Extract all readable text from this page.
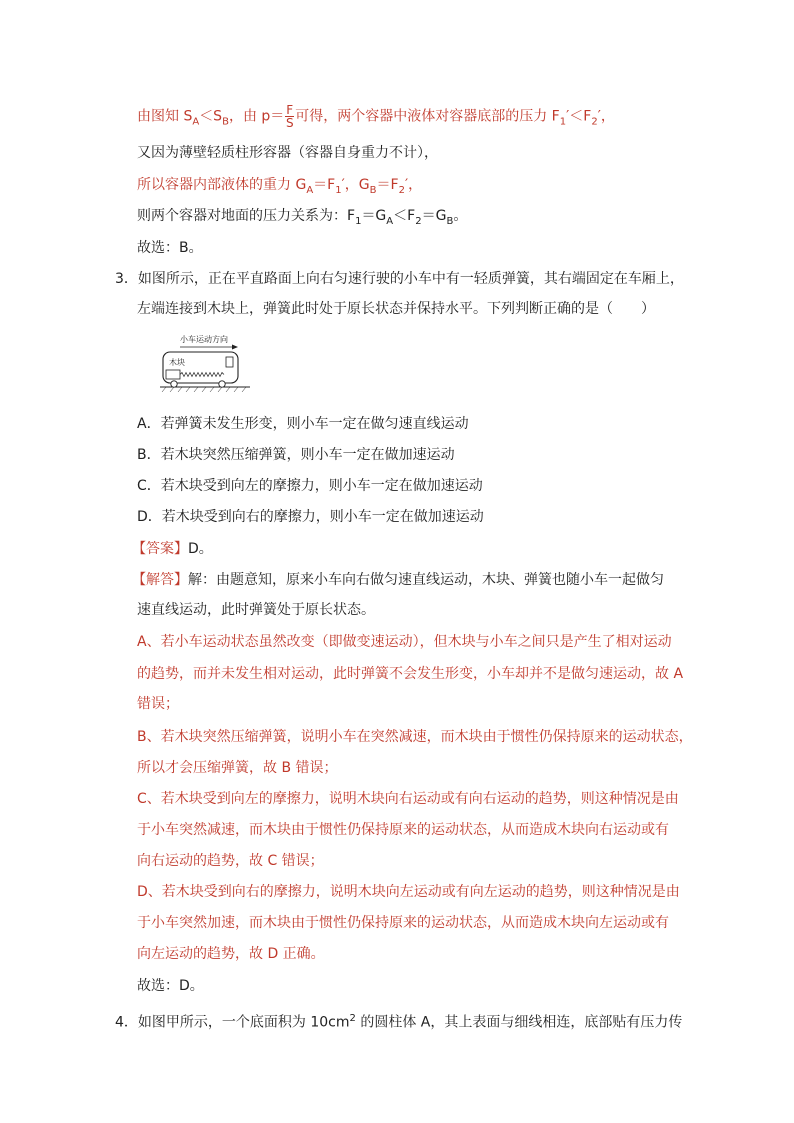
由图知 $S_A<S_B$，由 $p= \frac{F}{S}$ 可得，两个容器中液体对容器底部的压力 $F_1'<F_2'$，
又因为薄壁轻质柱形容器（容器自身重力不计），
所以容器内部液体的重力 $G_A=F_1'$，$G_B=F_2'$，
则两个容器对地面的压力关系为：$F_1=G_A<F_2=G_B$。
故选：B。
3．如图所示，正在平直路面上向右匀速行驶的小车中有一轻质弹簧，其右端固定在车厢上，
左端连接到木块上，弹簧此时处于原长状态并保持水平。下列判断正确的是（　　）
小车运动方向
木块
A．若弹簧未发生形变，则小车一定在做匀速直线运动
B．若木块突然压缩弹簧，则小车一定在做加速运动
C．若木块受到向左的摩擦力，则小车一定在做加速运动
D．若木块受到向右的摩擦力，则小车一定在做加速运动
【答案】D。
【解答】解：由题意知，原来小车向右做匀速直线运动，木块、弹簧也随小车一起做匀
速直线运动，此时弹簧处于原长状态。
A、若小车运动状态虽然改变（即做变速运动），但木块与小车之间只是产生了相对运动
的趋势，而并未发生相对运动，此时弹簧不会发生形变，小车却并不是做匀速运动，故 A
错误；
B、若木块突然压缩弹簧，说明小车在突然减速，而木块由于惯性仍保持原来的运动状态，
所以才会压缩弹簧，故 B 错误；
C、若木块受到向左的摩擦力，说明木块向右运动或有向右运动的趋势，则这种情况是由
于小车突然减速，而木块由于惯性仍保持原来的运动状态，从而造成木块向右运动或有
向右运动的趋势，故 C 错误；
D、若木块受到向右的摩擦力，说明木块向左运动或有向左运动的趋势，则这种情况是由
于小车突然加速，而木块由于惯性仍保持原来的运动状态，从而造成木块向左运动或有
向左运动的趋势，故 D 正确。
故选：D。
4．如图甲所示，一个底面积为 $10cm^2$ 的圆柱体 A，其上表面与细线相连，底部贴有压力传
